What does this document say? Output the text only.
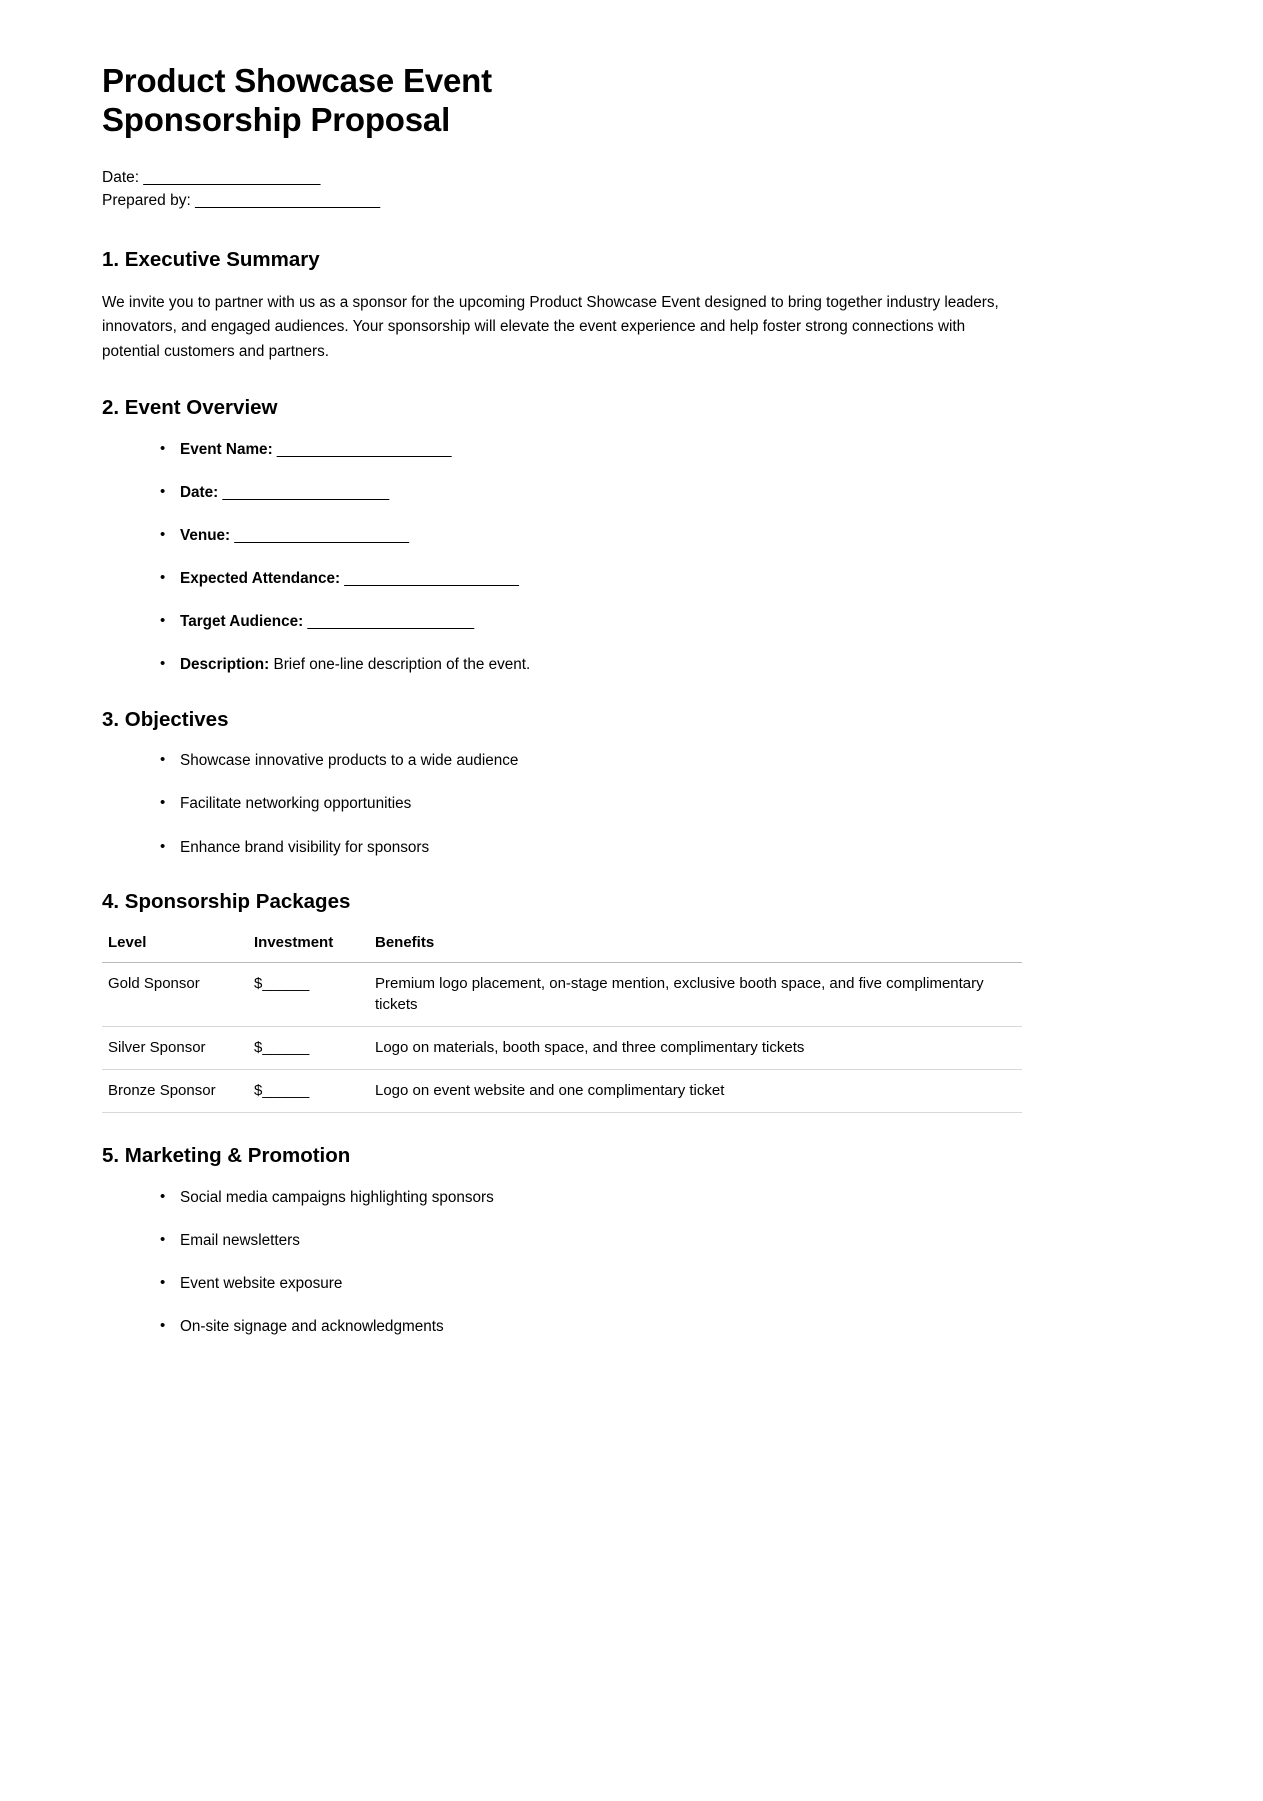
Product Showcase Event Sponsorship Proposal

Date: ______________________

Prepared by: _______________________

1. Executive Summary

We invite you to partner with us as a sponsor for the upcoming Product Showcase Event designed to bring together industry leaders, innovators, and engaged audiences. Your sponsorship will elevate the event experience and help foster strong connections with potential customers and partners.

2. Event Overview
• Event Name: ______________________
• Date: _____________________
• Venue: ______________________
• Expected Attendance: ______________________
• Target Audience: _____________________
• Description: Brief one-line description of the event.
3. Objectives
• Showcase innovative products to a wide audience
• Facilitate networking opportunities
• Enhance brand visibility for sponsors
4. Sponsorship Packages
Level	Investment	Benefits
Gold Sponsor	$______	Premium logo placement, on-stage mention, exclusive booth space, and five complimentary tickets
Silver Sponsor	$______	Logo on materials, booth space, and three complimentary tickets
Bronze Sponsor	$______	Logo on event website and one complimentary ticket
5. Marketing & Promotion
• Social media campaigns highlighting sponsors
• Email newsletters
• Event website exposure
• On-site signage and acknowledgments
